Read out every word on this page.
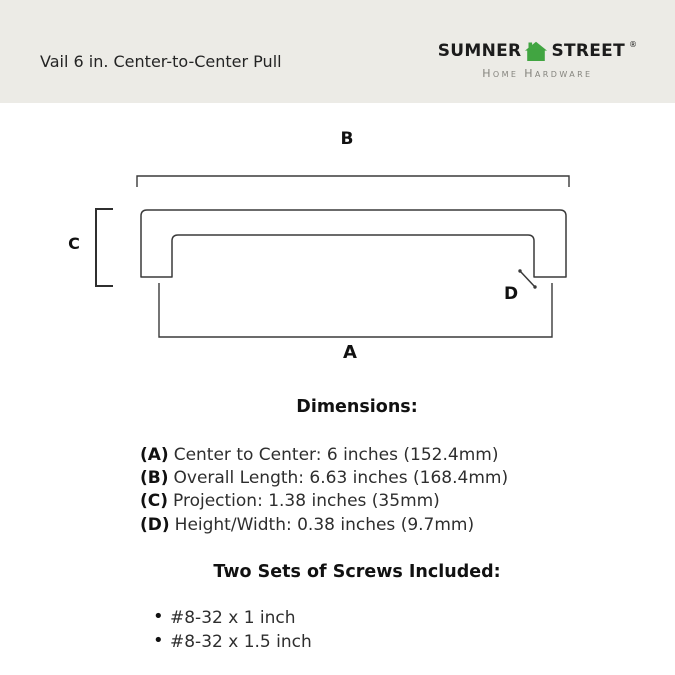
Vail 6 in. Center-to-Center Pull
SUMNER STREET ®
Home Hardware
B
C
D
A
Dimensions:
(A) Center to Center: 6 inches (152.4mm)
(B) Overall Length: 6.63 inches (168.4mm)
(C) Projection: 1.38 inches (35mm)
(D) Height/Width: 0.38 inches (9.7mm)
Two Sets of Screws Included:
• #8-32 x 1 inch
• #8-32 x 1.5 inch
